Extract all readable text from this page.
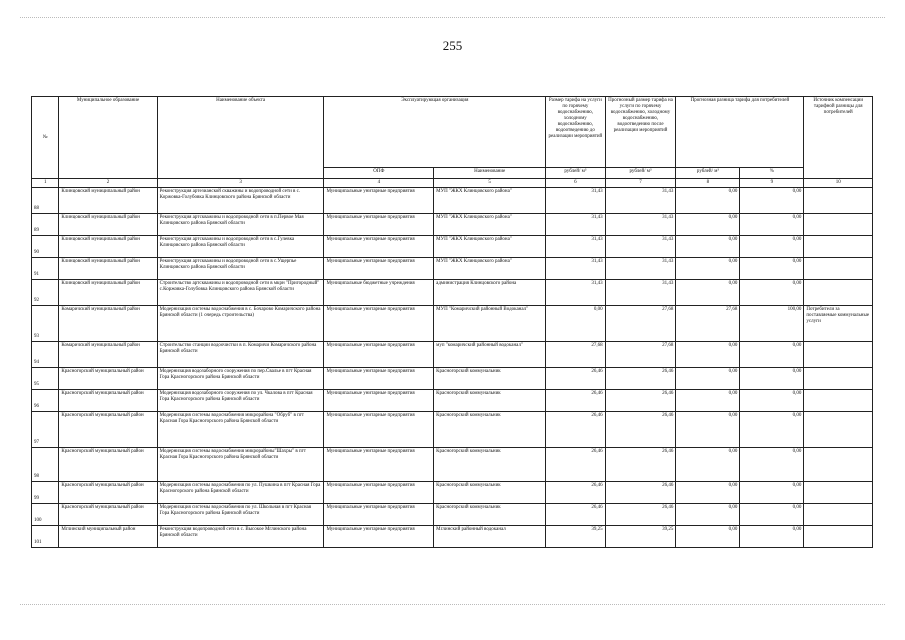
255
№	Муниципальное образование	Наименование объекта	Эксплуатирующая организация		Размер тарифа на услуги по горячему водоснабжению, холодному водоснабжению, водоотведению до реализации мероприятий	Прогнозный размер тарифа на услуги по горячему водоснабжению, холодному водоснабжению, водоотведению после реализации мероприятий	Прогнозная разница тарифа для потребителей		Источник компенсации тарифной разницы для потребителей
			ОПФ	Наименование	рублей/ м³	рублей/ м³	рублей/ м³	%	
1	2	3	4	5	6	7	8	9	10
88	Клинцовский муниципальный район	Реконструкция артезианской скважины и водопроводной сети в с. Коржовка-Голубовка Клинцовского района Брянской области	Муниципальные унитарные предприятия	МУП "ЖКХ Клинцовского района"	31,43	31,43	0,00	0,00	
89	Клинцовский муниципальный район	Реконструкция артскважины и водопроводной сети в п.Первое Мая Клинцовского района Брянской области	Муниципальные унитарные предприятия	МУП "ЖКХ Клинцовского района"	31,43	31,43	0,00	0,00	
90	Клинцовский муниципальный район	Реконструкция артскважины и водопроводной сети в с.Гулевка Клинцовского района Брянской области	Муниципальные унитарные предприятия	МУП "ЖКХ Клинцовского района"	31,43	31,43	0,00	0,00	
91	Клинцовский муниципальный район	Реконструкция артскважины и водопроводной сети в с.Ущерпье Клинцовского района Брянской области	Муниципальные унитарные предприятия	МУП "ЖКХ Клинцовского района"	31,43	31,43	0,00	0,00	
92	Клинцовский муниципальный район	Строительство артскважины и водопроводной сети в мкрн "Пригородный" с.Коржовка-Голубовка Клинцовского района Брянской области	Муниципальные бюджетные учреждения	администрация Клинцовского района	31,43	31,43	0,00	0,00	
93	Комаричский муниципальный район	Модернизация системы водоснабжения в с. Бочарово Комаричского района Брянской области (1 очередь строительства)	Муниципальные унитарные предприятия	МУП "Комаричский районный Водоканал"	0,00	27,68	27,68	100,00	Потребители за поставляемые коммунальные услуги
94	Комаричский муниципальный район	Строительство станции водоочистки в п. Комаричи Комаричского района Брянской области	Муниципальные унитарные предприятия	муп "комаричский районный водоканал"	27,68	27,68	0,00	0,00	
95	Красногорский муниципальный район	Модернизация водозаборного сооружения по пер.Свалье в пгт Красная Гора Красногорского района Брянской области	Муниципальные унитарные предприятия	Красногорский коммунальник	26,46	26,46	0,00	0,00	
96	Красногорский муниципальный район	Модернизация водозаборного сооружения по ул. Чкалова в пгт Красная Гора Красногорского района Брянской области	Муниципальные унитарные предприятия	Красногорский коммунальник	26,46	26,46	0,00	0,00	
97	Красногорский муниципальный район	Модернизация системы водоснабжения микрорайона "Обруб" в пгт Красная Гора Красногорского района Брянской области	Муниципальные унитарные предприятия	Красногорский коммунальник	26,46	26,46	0,00	0,00	
98	Красногорский муниципальный район	Модернизация системы водоснабжения микрорайоны"Шахры" в пгт Красная Гора Красногорского района Брянской области	Муниципальные унитарные предприятия	Красногорский коммунальник	26,46	26,46	0,00	0,00	
99	Красногорский муниципальный район	Модернизация системы водоснабжения по ул. Пушкина в пгт Красная Гора Красногорского района Брянской области	Муниципальные унитарные предприятия	Красногорский коммунальник	26,46	26,46	0,00	0,00	
100	Красногорский муниципальный район	Модернизация системы водоснабжения по ул. Школьная в пгт Красная Гора Красногорского района Брянской области	Муниципальные унитарные предприятия	Красногорский коммунальник	26,46	26,46	0,00	0,00	
101	Мглинский муниципальный район	Реконструкция водопроводной сети в с. Высокое Мглинского района Брянской области	Муниципальные унитарные предприятия	Мглинский районный водоканал	39,25	39,25	0,00	0,00	
